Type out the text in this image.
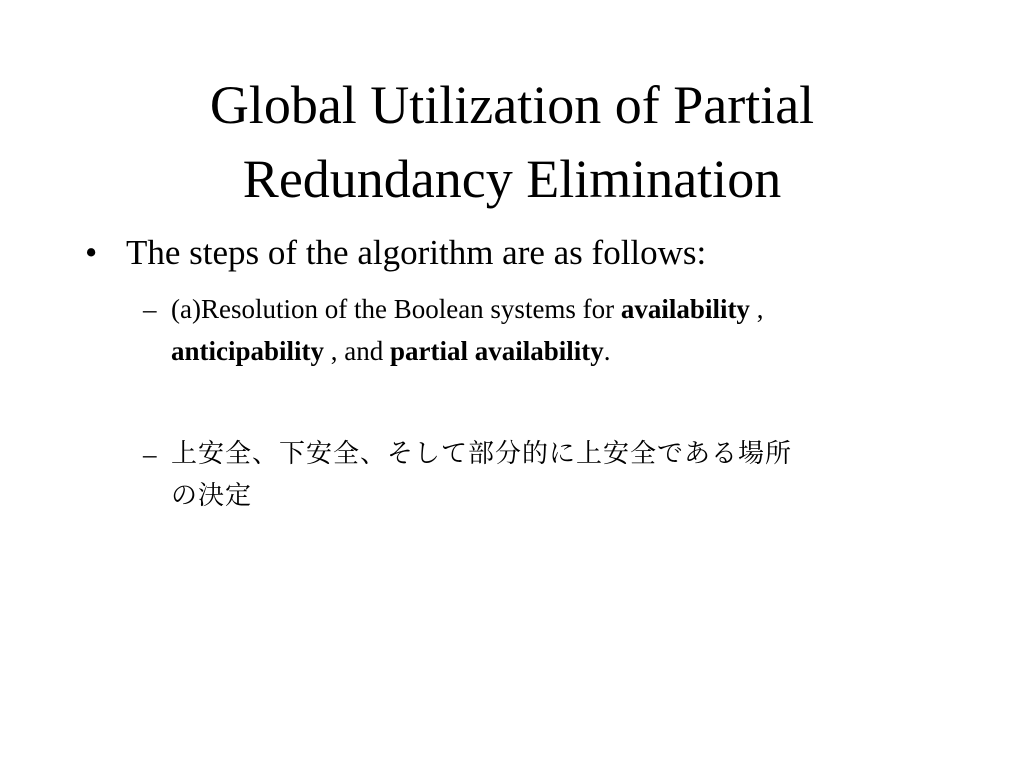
Global Utilization of Partial
Redundancy Elimination
• The steps of the algorithm are as follows:
– (a)Resolution of the Boolean systems for availability ,
anticipability , and partial availability.
– 上安全、下安全、そして部分的に上安全である場所
の決定
